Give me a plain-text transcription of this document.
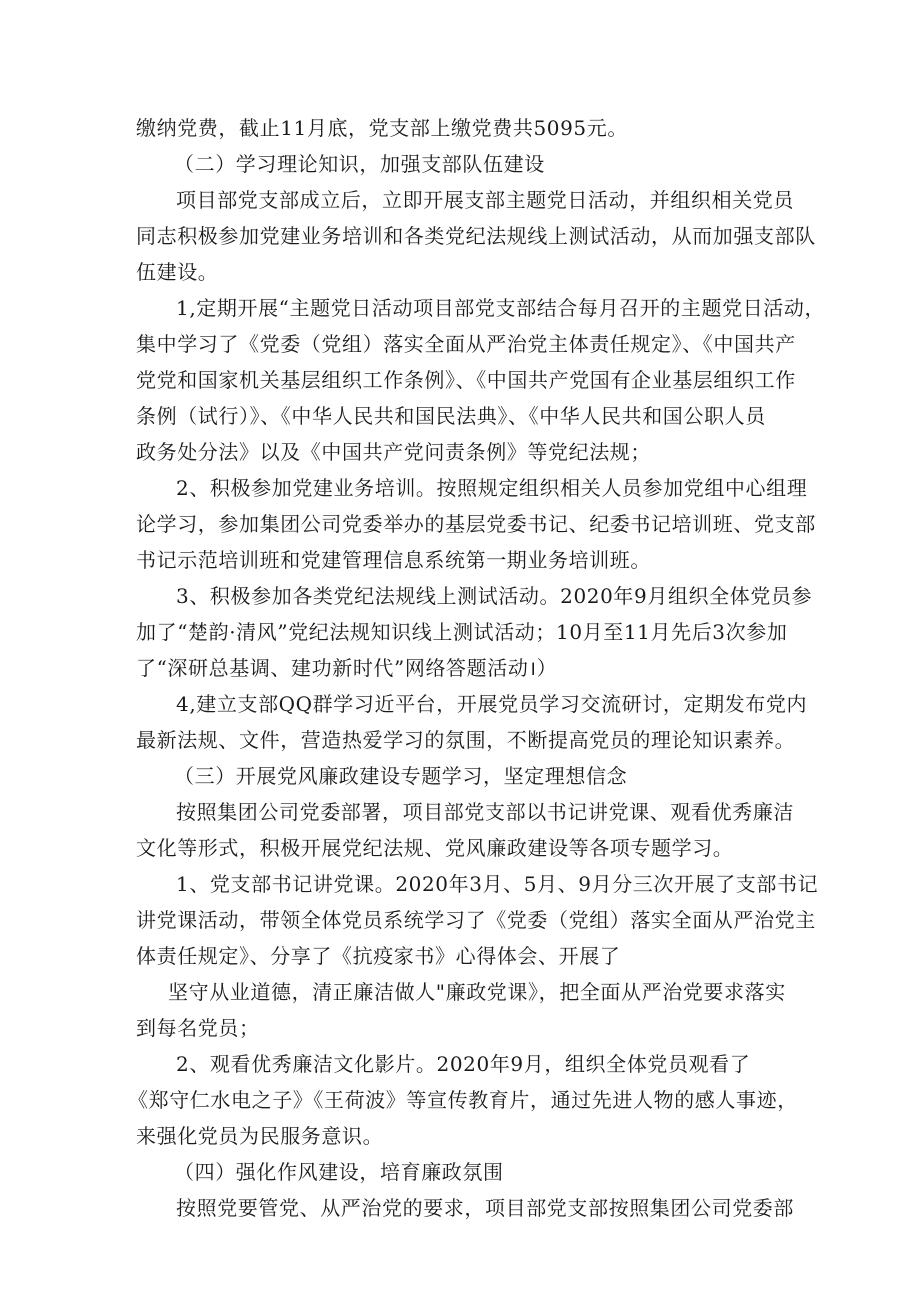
缴纳党费，截止11月底，党支部上缴党费共5095元。
（二）学习理论知识，加强支部队伍建设
项目部党支部成立后，立即开展支部主题党日活动，并组织相关党员
同志积极参加党建业务培训和各类党纪法规线上测试活动，从而加强支部队
伍建设。
1,定期开展“主题党日活动项目部党支部结合每月召开的主题党日活动，
集中学习了《党委（党组）落实全面从严治党主体责任规定》、《中国共产
党党和国家机关基层组织工作条例》、《中国共产党国有企业基层组织工作
条例（试行）》、《中华人民共和国民法典》、《中华人民共和国公职人员
政务处分法》以及《中国共产党问责条例》等党纪法规；
2、积极参加党建业务培训。按照规定组织相关人员参加党组中心组理
论学习，参加集团公司党委举办的基层党委书记、纪委书记培训班、党支部
书记示范培训班和党建管理信息系统第一期业务培训班。
3、积极参加各类党纪法规线上测试活动。2020年9月组织全体党员参
加了“楚韵·清风”党纪法规知识线上测试活动；10月至11月先后3次参加
了“深研总基调、建功新时代”网络答题活动।）
4,建立支部QQ群学习近平台，开展党员学习交流研讨，定期发布党内
最新法规、文件，营造热爱学习的氛围，不断提高党员的理论知识素养。
（三）开展党风廉政建设专题学习，坚定理想信念
按照集团公司党委部署，项目部党支部以书记讲党课、观看优秀廉洁
文化等形式，积极开展党纪法规、党风廉政建设等各项专题学习。
1、党支部书记讲党课。2020年3月、5月、9月分三次开展了支部书记
讲党课活动，带领全体党员系统学习了《党委（党组）落实全面从严治党主
体责任规定》、分享了《抗疫家书》心得体会、开展了
坚守从业道德，清正廉洁做人"廉政党课》，把全面从严治党要求落实
到每名党员；
2、观看优秀廉洁文化影片。2020年9月，组织全体党员观看了
《郑守仁水电之子》《王荷波》等宣传教育片，通过先进人物的感人事迹，
来强化党员为民服务意识。
（四）强化作风建设，培育廉政氛围
按照党要管党、从严治党的要求，项目部党支部按照集团公司党委部
